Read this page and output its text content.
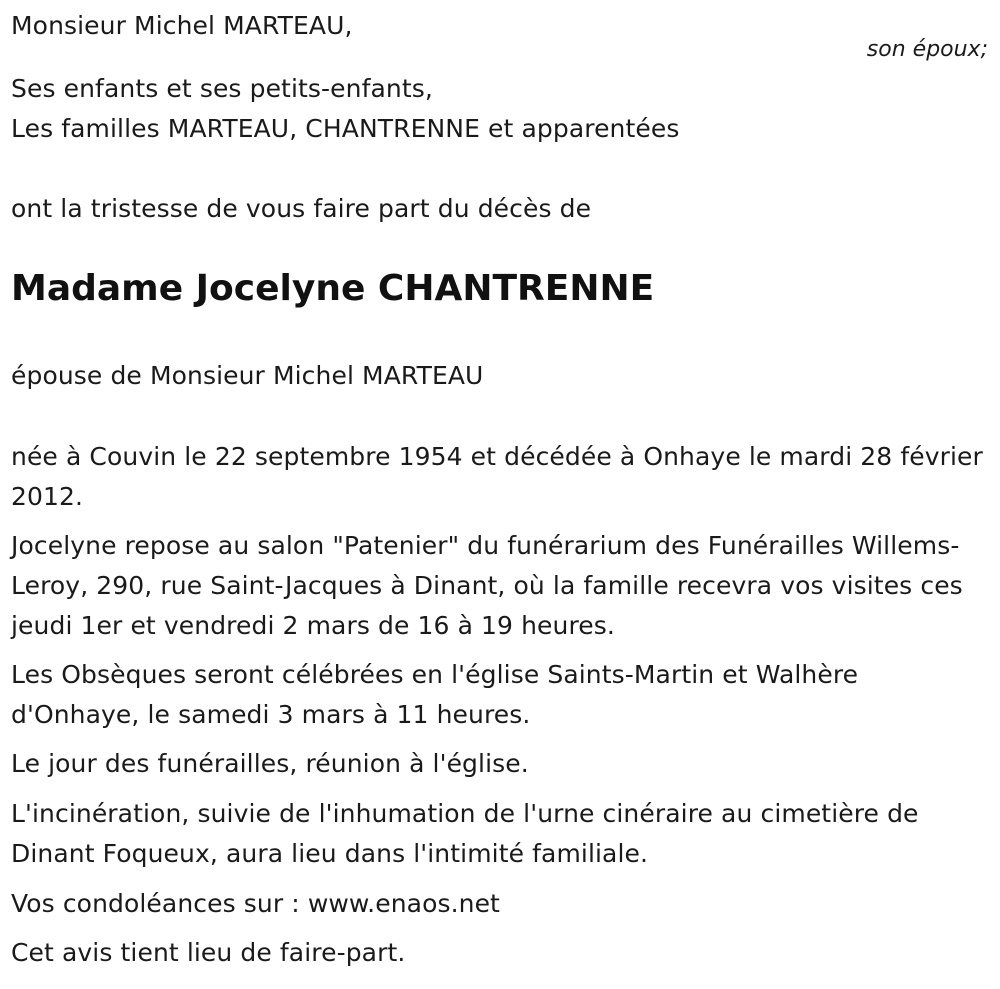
Monsieur Michel MARTEAU,
son époux;
Ses enfants et ses petits-enfants,
Les familles MARTEAU, CHANTRENNE et apparentées
ont la tristesse de vous faire part du décès de
Madame Jocelyne CHANTRENNE
épouse de Monsieur Michel MARTEAU
née à Couvin le 22 septembre 1954 et décédée à Onhaye le mardi 28 février 2012.
Jocelyne repose au salon "Patenier" du funérarium des Funérailles Willems-Leroy, 290, rue Saint-Jacques à Dinant, où la famille recevra vos visites ces jeudi 1er et vendredi 2 mars de 16 à 19 heures.
Les Obsèques seront célébrées en l'église Saints-Martin et Walhère d'Onhaye, le samedi 3 mars à 11 heures.
Le jour des funérailles, réunion à l'église.
L'incinération, suivie de l'inhumation de l'urne cinéraire au cimetière de Dinant Foqueux, aura lieu dans l'intimité familiale.
Vos condoléances sur : www.enaos.net
Cet avis tient lieu de faire-part.
